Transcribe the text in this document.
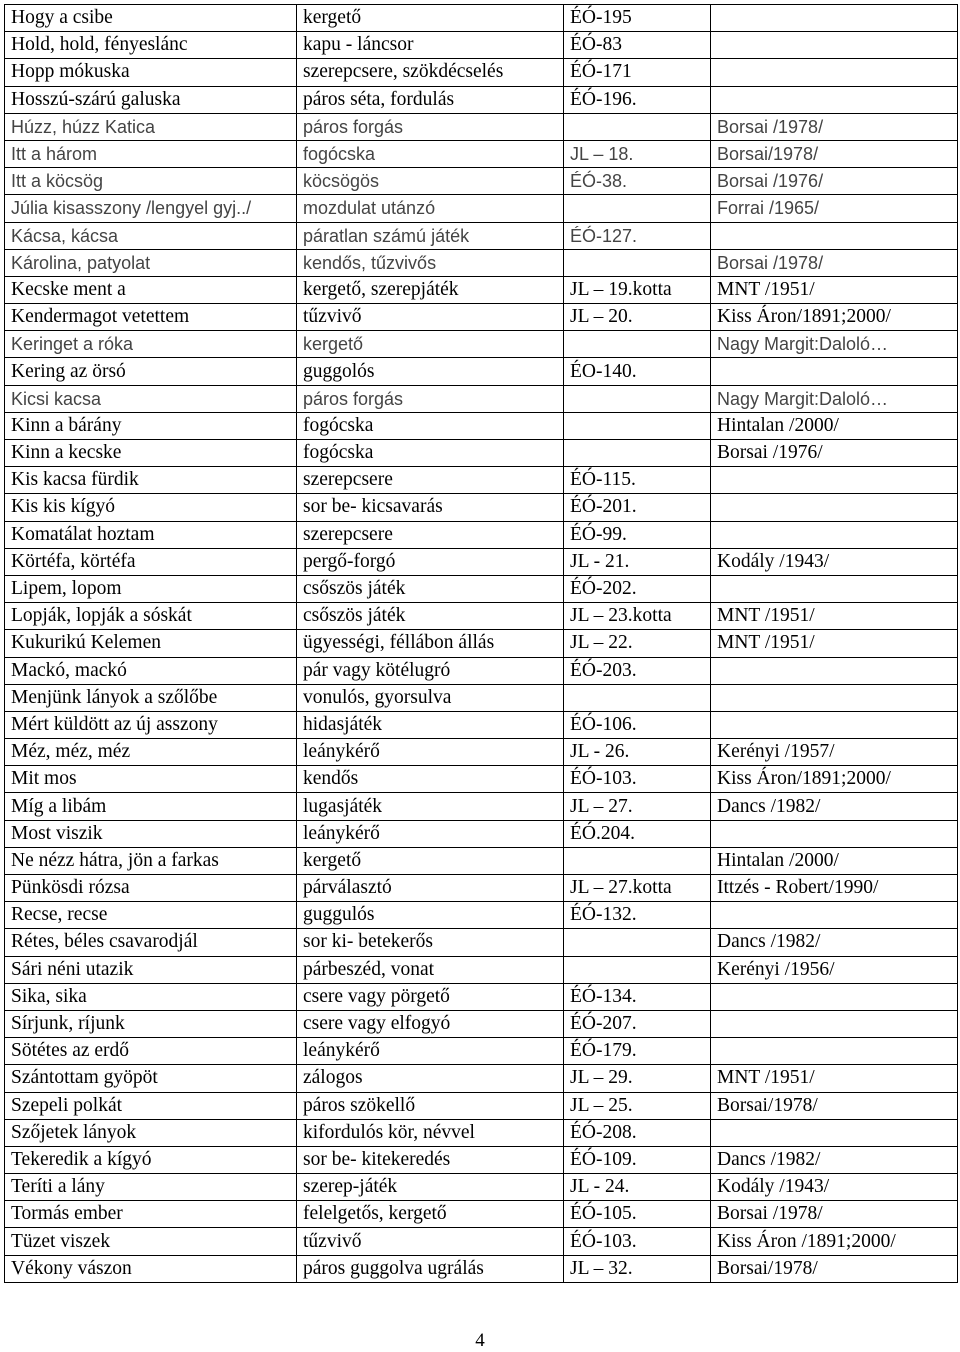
Hogy a csibe	kergető	ÉÓ-195	
Hold, hold, fényeslánc	kapu - láncsor	ÉÓ-83	
Hopp mókuska	szerepcsere, szökdécselés	ÉÓ-171	
Hosszú-szárú galuska	páros séta, fordulás	ÉÓ-196.	
Húzz, húzz Katica	páros forgás		Borsai /1978/
Itt a három	fogócska	JL – 18.	Borsai/1978/
Itt a köcsög	köcsögös	ÉÓ-38.	Borsai /1976/
Júlia kisasszony /lengyel gyj../	mozdulat utánzó		Forrai /1965/
Kácsa, kácsa	páratlan számú játék	ÉÓ-127.	
Károlina, patyolat	kendős, tűzvivős		Borsai /1978/
Kecske ment a	kergető, szerepjáték	JL – 19.kotta	MNT /1951/
Kendermagot vetettem	tűzvivő	JL – 20.	Kiss Áron/1891;2000/
Keringet a róka	kergető		Nagy Margit:Daloló…
Kering az örsó	guggolós	ÉO-140.	
Kicsi kacsa	páros forgás		Nagy Margit:Daloló…
Kinn a bárány	fogócska		Hintalan /2000/
Kinn a kecske	fogócska		Borsai /1976/
Kis kacsa fürdik	szerepcsere	ÉÓ-115.	
Kis kis kígyó	sor be- kicsavarás	ÉÓ-201.	
Komatálat hoztam	szerepcsere	ÉÓ-99.	
Körtéfa, körtéfa	pergő-forgó	JL - 21.	Kodály /1943/
Lipem, lopom	csőszös játék	ÉÓ-202.	
Lopják, lopják a sóskát	csőszös játék	JL – 23.kotta	MNT /1951/
Kukurikú Kelemen	ügyességi, féllábon állás	JL – 22.	MNT /1951/
Mackó, mackó	pár vagy kötélugró	ÉÓ-203.	
Menjünk lányok a szőlőbe	vonulós, gyorsulva		
Mért küldött az új asszony	hidasjáték	ÉÓ-106.	
Méz, méz, méz	leánykérő	JL - 26.	Kerényi /1957/
Mit mos	kendős	ÉÓ-103.	Kiss Áron/1891;2000/
Míg a libám	lugasjáték	JL – 27.	Dancs /1982/
Most viszik	leánykérő	ÉÓ.204.	
Ne nézz hátra, jön a farkas	kergető		Hintalan /2000/
Pünkösdi rózsa	párválasztó	JL – 27.kotta	Ittzés - Robert/1990/
Recse, recse	guggulós	ÉÓ-132.	
Rétes, béles csavarodjál	sor ki- betekerős		Dancs /1982/
Sári néni utazik	párbeszéd, vonat		Kerényi /1956/
Sika, sika	csere vagy pörgető	ÉÓ-134.	
Sírjunk, ríjunk	csere vagy elfogyó	ÉÓ-207.	
Sötétes az erdő	leánykérő	ÉÓ-179.	
Szántottam gyöpöt	zálogos	JL – 29.	MNT /1951/
Szepeli polkát	páros szökellő	JL – 25.	Borsai/1978/
Szőjetek lányok	kifordulós kör, névvel	ÉÓ-208.	
Tekeredik a kígyó	sor be- kitekeredés	ÉÓ-109.	Dancs /1982/
Teríti a lány	szerep-játék	JL - 24.	Kodály /1943/
Tormás ember	felelgetős, kergető	ÉÓ-105.	Borsai /1978/
Tüzet viszek	tűzvivő	ÉÓ-103.	Kiss Áron /1891;2000/
Vékony vászon	páros guggolva ugrálás	JL – 32.	Borsai/1978/
4
